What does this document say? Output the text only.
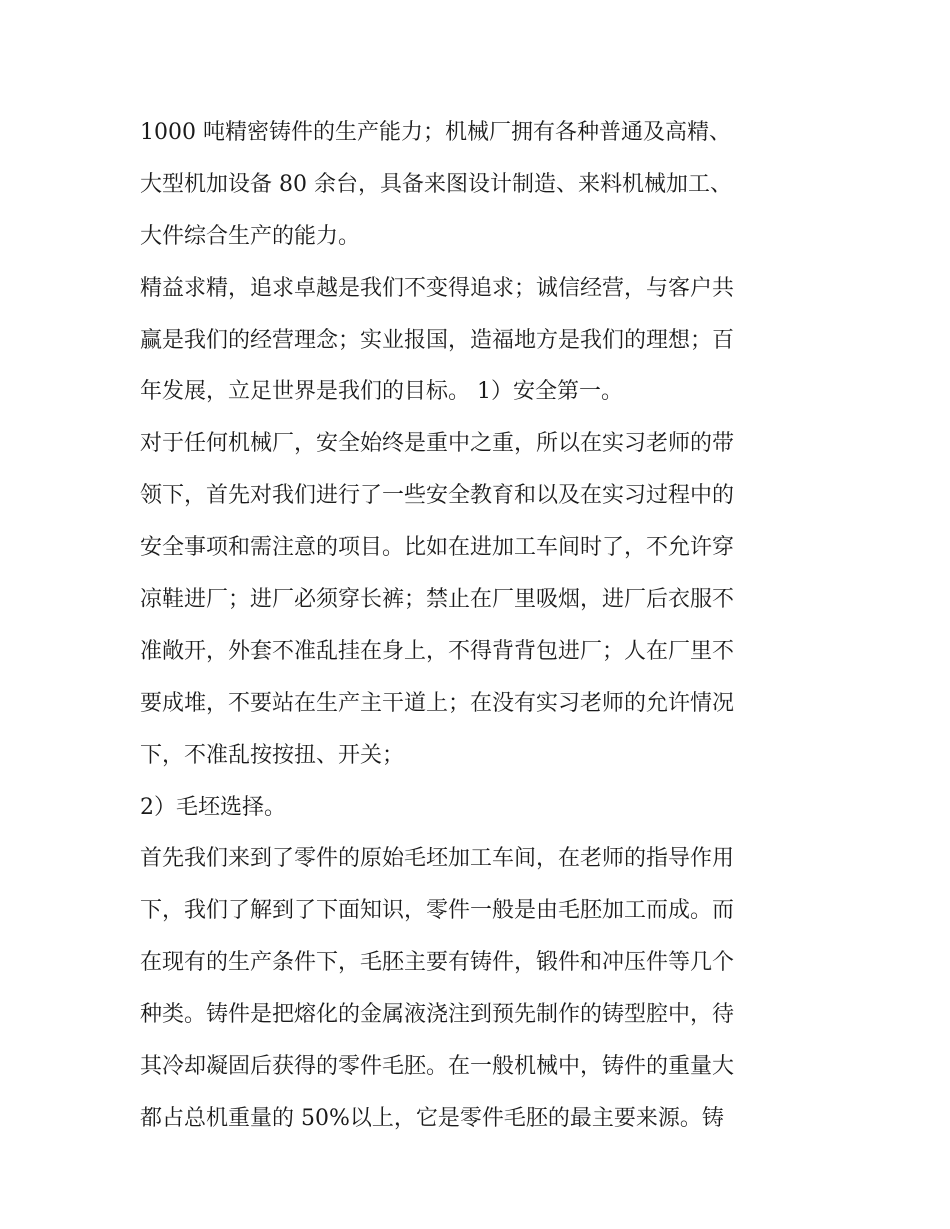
1000 吨精密铸件的生产能力；机械厂拥有各种普通及高精、
大型机加设备 80 余台，具备来图设计制造、来料机械加工、
大件综合生产的能力。
精益求精，追求卓越是我们不变得追求；诚信经营，与客户共
赢是我们的经营理念；实业报国，造福地方是我们的理想；百
年发展，立足世界是我们的目标。 1）安全第一。
对于任何机械厂，安全始终是重中之重，所以在实习老师的带
领下，首先对我们进行了一些安全教育和以及在实习过程中的
安全事项和需注意的项目。比如在进加工车间时了，不允许穿
凉鞋进厂；进厂必须穿长裤；禁止在厂里吸烟，进厂后衣服不
准敞开，外套不准乱挂在身上，不得背背包进厂；人在厂里不
要成堆，不要站在生产主干道上；在没有实习老师的允许情况
下，不准乱按按扭、开关；
2）毛坯选择。
首先我们来到了零件的原始毛坯加工车间，在老师的指导作用
下，我们了解到了下面知识，零件一般是由毛胚加工而成。而
在现有的生产条件下，毛胚主要有铸件，锻件和冲压件等几个
种类。铸件是把熔化的金属液浇注到预先制作的铸型腔中，待
其冷却凝固后获得的零件毛胚。在一般机械中，铸件的重量大
都占总机重量的 50%以上，它是零件毛胚的最主要来源。铸
